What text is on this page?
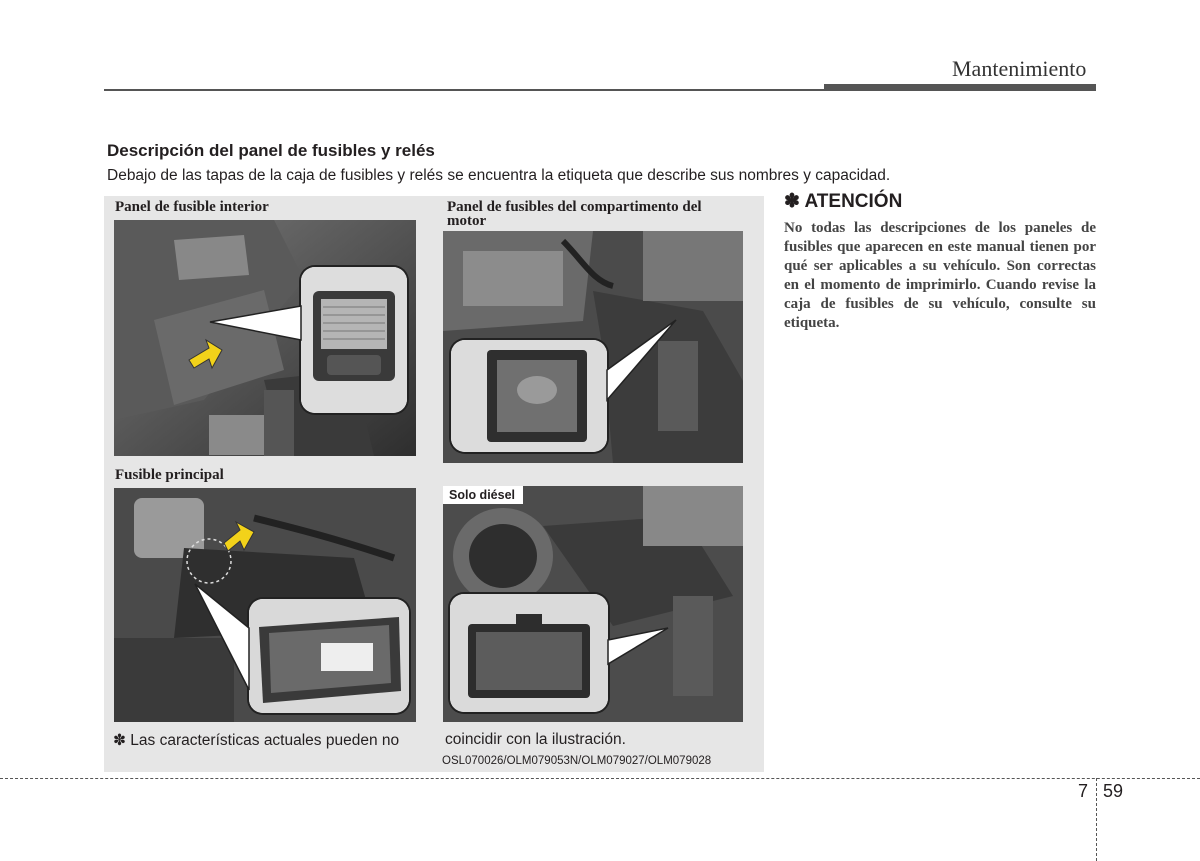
Mantenimiento
Descripción del panel de fusibles y relés
Debajo de las tapas de la caja de fusibles y relés se encuentra la etiqueta que describe sus nombres y capacidad.
Panel de fusible interior	Panel de fusibles del compartimento del
motor
Fusible principal
Solo diésel
✽ Las características actuales pueden no	coincidir con la ilustración.
OSL070026/OLM079053N/OLM079027/OLM079028
✽ ATENCIÓN
No todas las descripciones de los paneles de fusibles que aparecen en este manual tienen por qué ser aplicables a su vehículo. Son correctas en el momento de imprimirlo. Cuando revise la caja de fusibles de su vehículo, consulte su etiqueta.
7 59
